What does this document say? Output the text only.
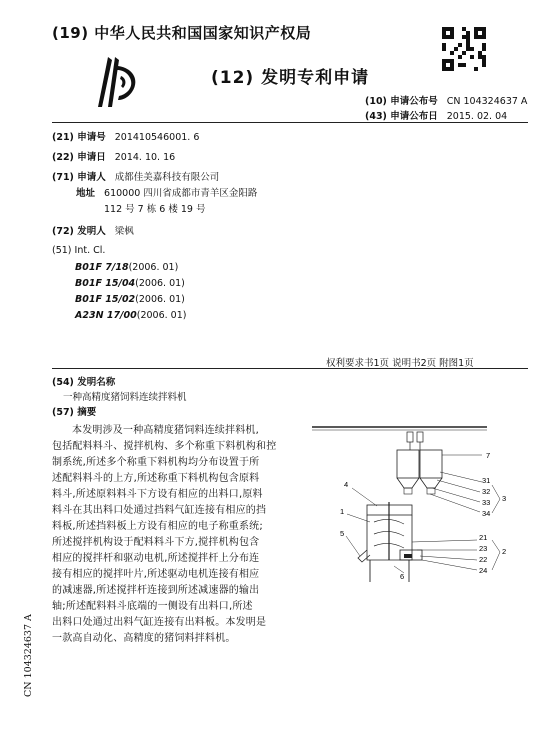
(19) 中华人民共和国国家知识产权局
(12) 发明专利申请
(10) 申请公布号 CN 104324637 A
(43) 申请公布日 2015. 02. 04
(21) 申请号 201410546001. 6
(22) 申请日 2014. 10. 16
(71) 申请人 成都佳美嘉科技有限公司
地址 610000 四川省成都市青羊区金阳路
112 号 7 栋 6 楼 19 号
(72) 发明人 梁枫
(51) Int. Cl.
B01F 7/18(2006. 01)
B01F 15/04(2006. 01)
B01F 15/02(2006. 01)
A23N 17/00(2006. 01)
权利要求书1页 说明书2页 附图1页
(54) 发明名称
一种高精度猪饲料连续拌料机
(57) 摘要
本发明涉及一种高精度猪饲料连续拌料机,
包括配料料斗、搅拌机构、多个称重下料机构和控
制系统,所述多个称重下料机构均分布设置于所
述配料料斗的上方,所述称重下料机构包含原料
料斗,所述原料料斗下方设有相应的出料口,原料
料斗在其出料口处通过挡料气缸连接有相应的挡
料板,所述挡料板上方设有相应的电子称重系统;
所述搅拌机构设于配料料斗下方,搅拌机构包含
相应的搅拌杆和驱动电机,所述搅拌杆上分布连
接有相应的搅拌叶片,所述驱动电机连接有相应
的减速器,所述搅拌杆连接到所述减速器的输出
轴;所述配料料斗底端的一侧设有出料口,所述
出料口处通过出料气缸连接有出料板。本发明是
一款高自动化、高精度的猪饲料拌料机。
7
31
32
33
34
3
4
1
5
6
21
23
22
24
2
CN 104324637 A
